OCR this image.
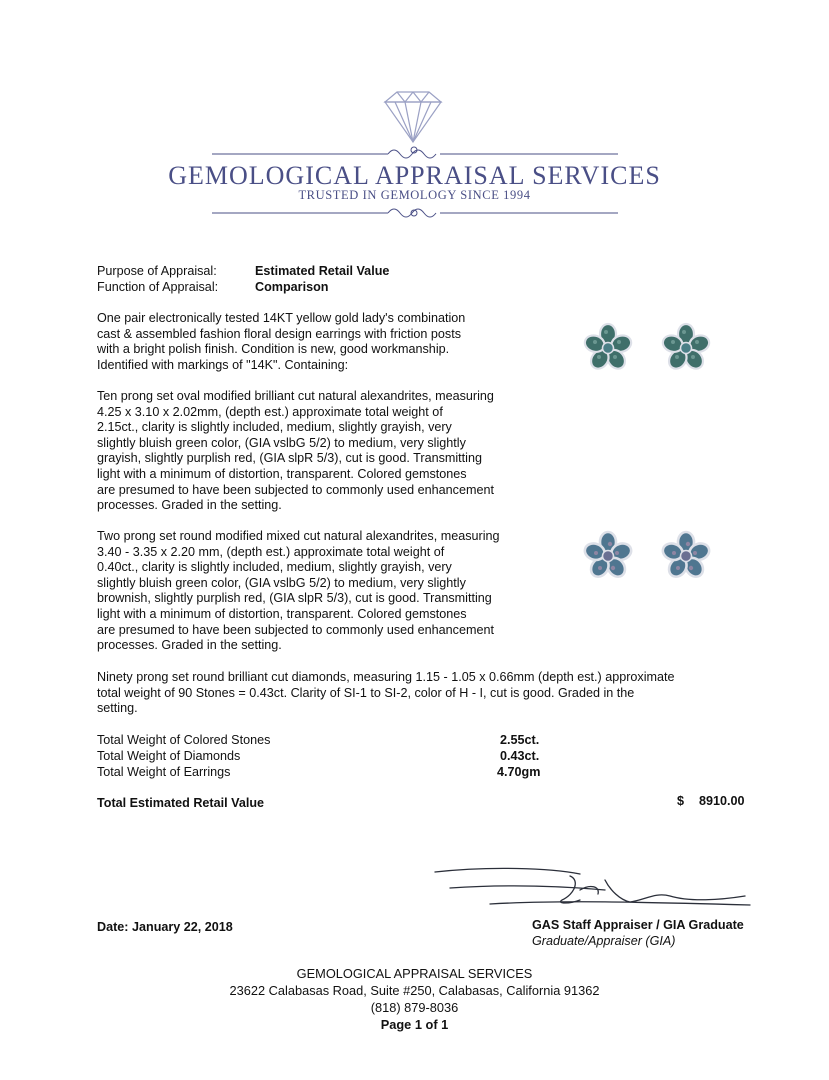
GEMOLOGICAL APPRAISAL SERVICES
TRUSTED IN GEMOLOGY SINCE 1994
Purpose of Appraisal:	Estimated Retail Value
Function of Appraisal:	Comparison

One pair electronically tested 14KT yellow gold lady's combination

cast & assembled fashion floral design earrings with friction posts

with a bright polish finish. Condition is new, good workmanship.

Identified with markings of "14K". Containing:

Ten prong set oval modified brilliant cut natural alexandrites, measuring

4.25 x 3.10 x 2.02mm, (depth est.) approximate total weight of

2.15ct., clarity is slightly included, medium, slightly grayish, very

slightly bluish green color, (GIA vslbG 5/2) to medium, very slightly

grayish, slightly purplish red, (GIA slpR 5/3), cut is good. Transmitting

light with a minimum of distortion, transparent. Colored gemstones

are presumed to have been subjected to commonly used enhancement

processes. Graded in the setting.

Two prong set round modified mixed cut natural alexandrites, measuring

3.40 - 3.35 x 2.20 mm, (depth est.) approximate total weight of

0.40ct., clarity is slightly included, medium, slightly grayish, very

slightly bluish green color, (GIA vslbG 5/2) to medium, very slightly

brownish, slightly purplish red, (GIA slpR 5/3), cut is good. Transmitting

light with a minimum of distortion, transparent. Colored gemstones

are presumed to have been subjected to commonly used enhancement

processes. Graded in the setting.

Ninety prong set round brilliant cut diamonds, measuring 1.15 - 1.05 x 0.66mm (depth est.) approximate

total weight of 90 Stones = 0.43ct. Clarity of SI-1 to SI-2, color of H - I, cut is good. Graded in the

setting.

Total Weight of Colored Stones	2.55ct.
Total Weight of Diamonds	0.43ct.
Total Weight of Earrings	4.70gm
Total Estimated Retail Value	$ 8910.00
Date: January 22, 2018	GAS Staff Appraiser / GIA Graduate
Graduate/Appraiser (GIA)
GEMOLOGICAL APPRAISAL SERVICES
23622 Calabasas Road, Suite #250, Calabasas, California 91362
(818) 879-8036
Page 1 of 1
